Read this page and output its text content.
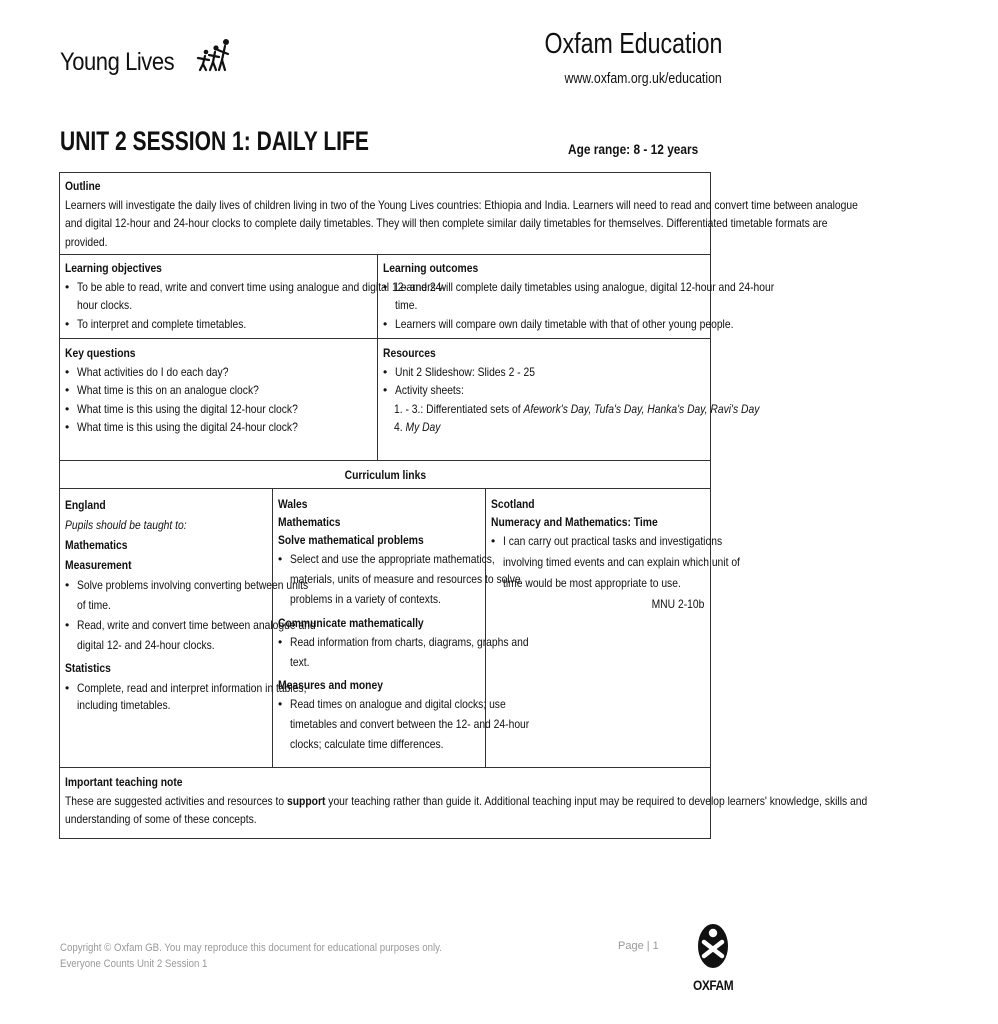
Young Lives
Oxfam Education
www.oxfam.org.uk/education
UNIT 2 SESSION 1: DAILY LIFE	Age range: 8 - 12 years
Outline
Learners will investigate the daily lives of children living in two of the Young Lives countries: Ethiopia and India. Learners will need to read and convert time between analogue
and digital 12-hour and 24-hour clocks to complete daily timetables. They will then complete similar daily timetables for themselves. Differentiated timetable formats are
provided.
Learning objectives
• To be able to read, write and convert time using analogue and digital 12- and 24-
hour clocks.
• To interpret and complete timetables.
Learning outcomes
• Learners will complete daily timetables using analogue, digital 12-hour and 24-hour
time.
• Learners will compare own daily timetable with that of other young people.
Key questions
• What activities do I do each day?
• What time is this on an analogue clock?
• What time is this using the digital 12-hour clock?
• What time is this using the digital 24-hour clock?
Resources
• Unit 2 Slideshow: Slides 2 - 25
• Activity sheets:
1. - 3.: Differentiated sets of Afework's Day, Tufa's Day, Hanka's Day, Ravi's Day
4. My Day
Curriculum links
England
Pupils should be taught to:
Mathematics
Measurement
• Solve problems involving converting between units
of time.
• Read, write and convert time between analogue and
digital 12- and 24-hour clocks.
Statistics
• Complete, read and interpret information in tables,
including timetables.
Wales
Mathematics
Solve mathematical problems
• Select and use the appropriate mathematics,
materials, units of measure and resources to solve
problems in a variety of contexts.
Communicate mathematically
• Read information from charts, diagrams, graphs and
text.
Measures and money
• Read times on analogue and digital clocks; use
timetables and convert between the 12- and 24-hour
clocks; calculate time differences.
Scotland
Numeracy and Mathematics: Time
• I can carry out practical tasks and investigations
involving timed events and can explain which unit of
time would be most appropriate to use.
MNU 2-10b
Important teaching note
These are suggested activities and resources to support your teaching rather than guide it. Additional teaching input may be required to develop learners' knowledge, skills and
understanding of some of these concepts.
Copyright © Oxfam GB. You may reproduce this document for educational purposes only.
Everyone Counts Unit 2 Session 1
Page | 1
OXFAM
